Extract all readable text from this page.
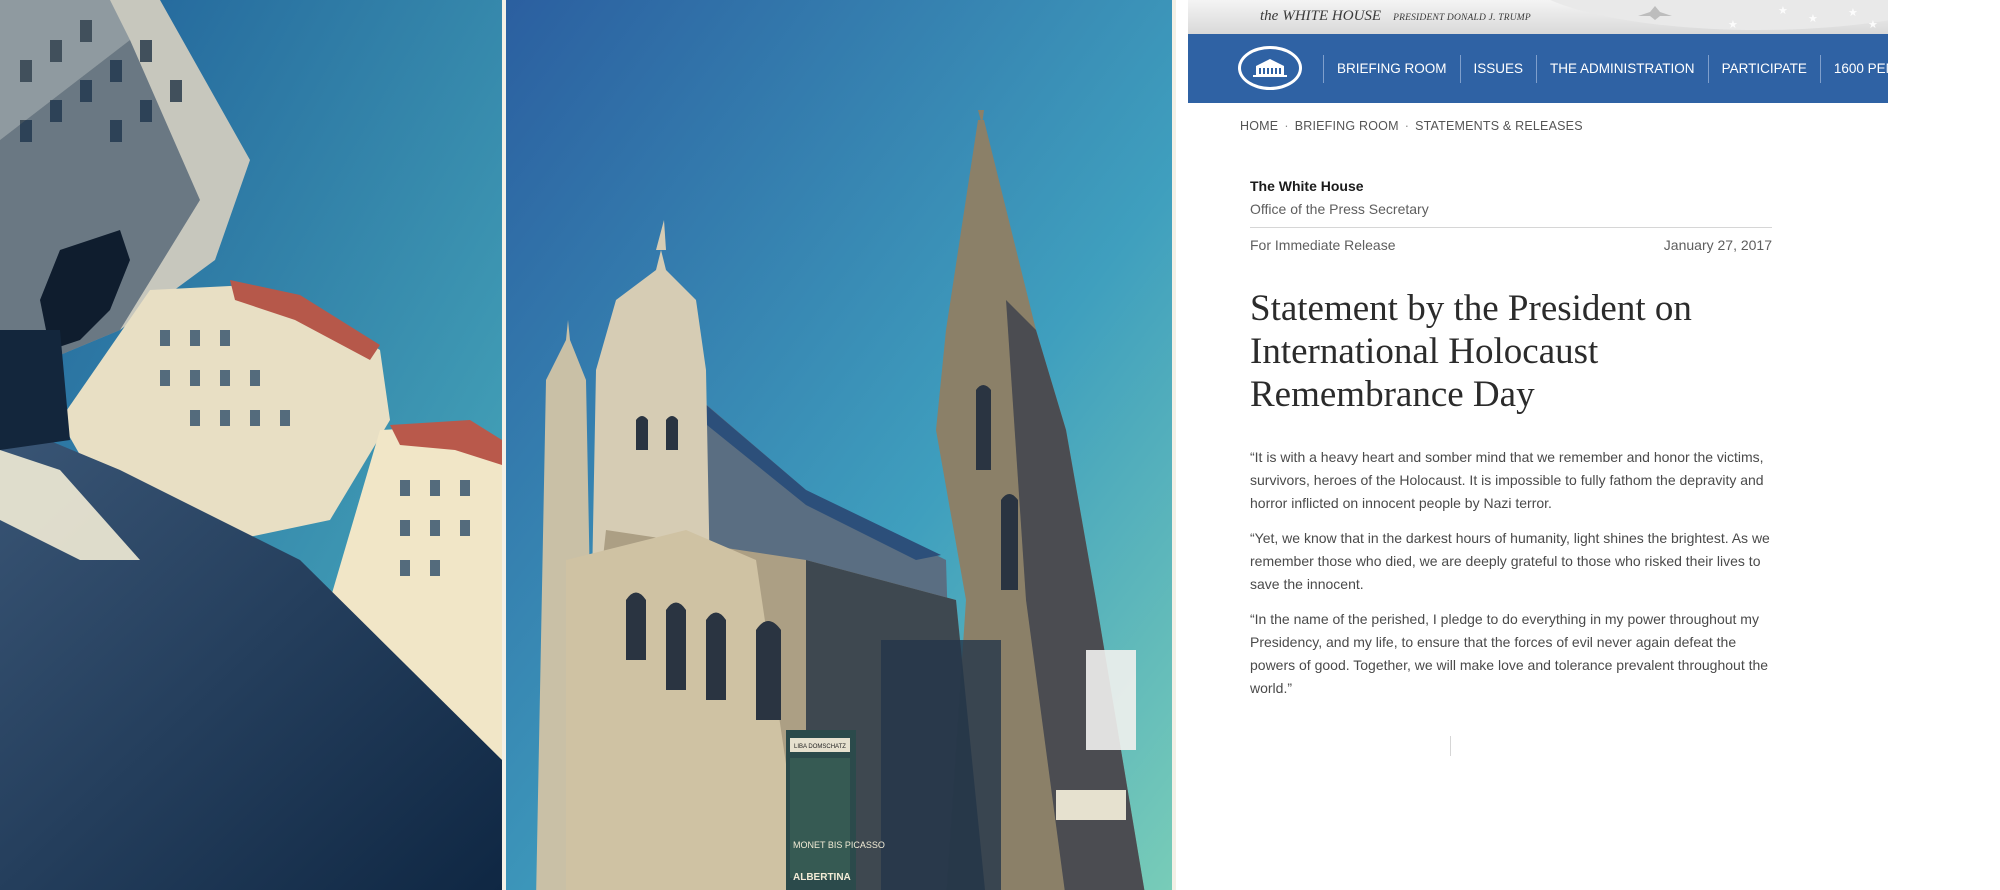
LIBA DOMSCHATZ
MONET BIS PICASSO
ALBERTINA
the WHITE HOUSE PRESIDENT DONALD J. TRUMP
★
★	★
★
★
BRIEFING ROOM	ISSUES	THE ADMINISTRATION	PARTICIPATE	1600 PENN
HOME · BRIEFING ROOM · STATEMENTS & RELEASES
The White House
Office of the Press Secretary
For Immediate Release	January 27, 2017
Statement by the President on International Holocaust Remembrance Day

“It is with a heavy heart and somber mind that we remember and honor the victims, survivors, heroes of the Holocaust. It is impossible to fully fathom the depravity and horror inflicted on innocent people by Nazi terror.

“Yet, we know that in the darkest hours of humanity, light shines the brightest. As we remember those who died, we are deeply grateful to those who risked their lives to save the innocent.

“In the name of the perished, I pledge to do everything in my power throughout my Presidency, and my life, to ensure that the forces of evil never again defeat the powers of good. Together, we will make love and tolerance prevalent throughout the world.”
